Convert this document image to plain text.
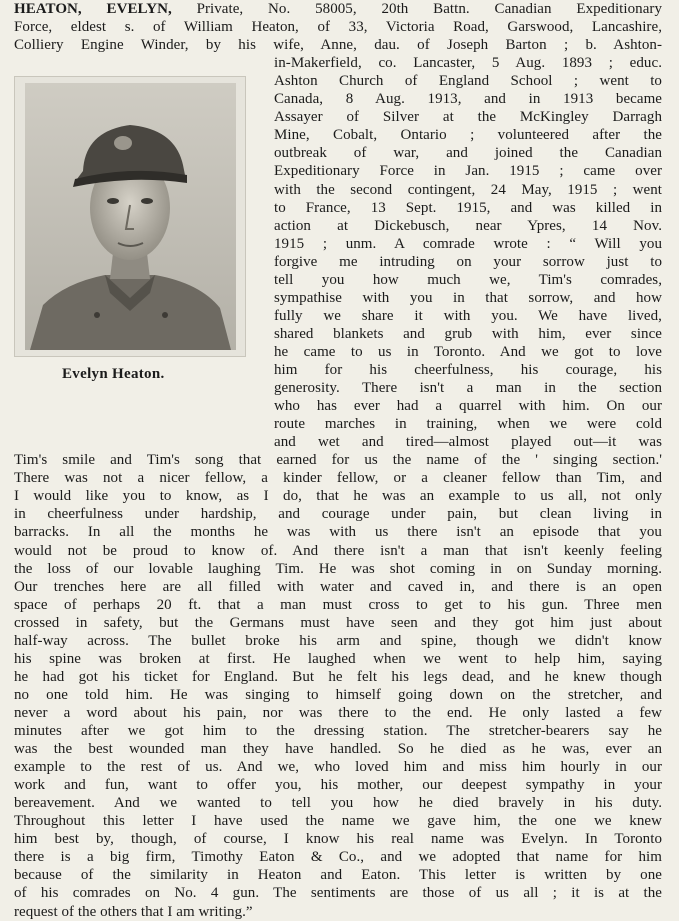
HEATON, EVELYN, Private, No. 58005, 20th Battn. Canadian Expeditionary
Force, eldest s. of William Heaton, of 33, Victoria Road, Garswood, Lancashire,
Colliery Engine Winder, by his wife, Anne, dau. of Joseph Barton ; b. Ashton-
in-Makerfield, co. Lancaster, 5 Aug. 1893 ; educ.
Ashton Church of England School ; went to
Canada, 8 Aug. 1913, and in 1913 became
Assayer of Silver at the McKingley Darragh
Mine, Cobalt, Ontario ; volunteered after the
outbreak of war, and joined the Canadian
Expeditionary Force in Jan. 1915 ; came over
with the second contingent, 24 May, 1915 ; went
to France, 13 Sept. 1915, and was killed in
action at Dickebusch, near Ypres, 14 Nov.
1915 ; unm. A comrade wrote : “ Will you
forgive me intruding on your sorrow just to
tell you how much we, Tim's comrades,
sympathise with you in that sorrow, and how
fully we share it with you. We have lived,
shared blankets and grub with him, ever since
he came to us in Toronto. And we got to love
him for his cheerfulness, his courage, his
generosity. There isn't a man in the section
who has ever had a quarrel with him. On our
route marches in training, when we were cold
and wet and tired—almost played out—it was
Tim's smile and Tim's song that earned for us the name of the ' singing section.'
There was not a nicer fellow, a kinder fellow, or a cleaner fellow than Tim, and
I would like you to know, as I do, that he was an example to us all, not only
in cheerfulness under hardship, and courage under pain, but clean living in
barracks. In all the months he was with us there isn't an episode that you
would not be proud to know of. And there isn't a man that isn't keenly feeling
the loss of our lovable laughing Tim. He was shot coming in on Sunday morning.
Our trenches here are all filled with water and caved in, and there is an open
space of perhaps 20 ft. that a man must cross to get to his gun. Three men
crossed in safety, but the Germans must have seen and they got him just about
half-way across. The bullet broke his arm and spine, though we didn't know
his spine was broken at first. He laughed when we went to help him, saying
he had got his ticket for England. But he felt his legs dead, and he knew though
no one told him. He was singing to himself going down on the stretcher, and
never a word about his pain, nor was there to the end. He only lasted a few
minutes after we got him to the dressing station. The stretcher-bearers say he
was the best wounded man they have handled. So he died as he was, ever an
example to the rest of us. And we, who loved him and miss him hourly in our
work and fun, want to offer you, his mother, our deepest sympathy in your
bereavement. And we wanted to tell you how he died bravely in his duty.
Throughout this letter I have used the name we gave him, the one we knew
him best by, though, of course, I know his real name was Evelyn. In Toronto
there is a big firm, Timothy Eaton & Co., and we adopted that name for him
because of the similarity in Heaton and Eaton. This letter is written by one
of his comrades on No. 4 gun. The sentiments are those of us all ; it is at the
request of the others that I am writing.”
Evelyn Heaton.
